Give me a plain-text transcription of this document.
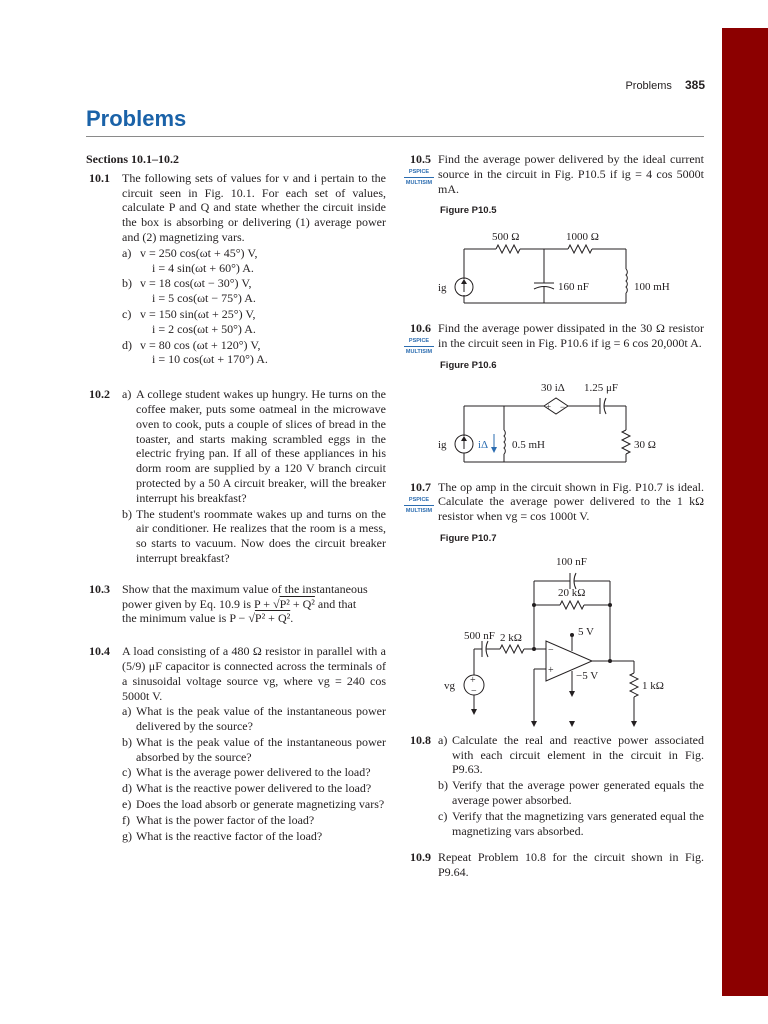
Problems 385
Problems
Sections 10.1–10.2
10.1 The following sets of values for v and i pertain to the circuit seen in Fig. 10.1. For each set of values, calculate P and Q and state whether the circuit inside the box is absorbing or delivering (1) average power and (2) magnetizing vars.
a) v = 250 cos(ωt + 45°) V,
i = 4 sin(ωt + 60°) A.
b) v = 18 cos(ωt − 30°) V,
i = 5 cos(ωt − 75°) A.
c) v = 150 sin(ωt + 25°) V,
i = 2 cos(ωt + 50°) A.
d) v = 80 cos (ωt + 120°) V,
i = 10 cos(ωt + 170°) A.
10.2 a) A college student wakes up hungry. He turns on the coffee maker, puts some oatmeal in the microwave oven to cook, puts a couple of slices of bread in the toaster, and starts making scrambled eggs in the electric frying pan. If all of these appliances in his dorm room are supplied by a 120 V branch circuit protected by a 50 A circuit breaker, will the breaker interrupt his breakfast?
b) The student's roommate wakes up and turns on the air conditioner. He realizes that the room is a mess, so starts to vacuum. Now does the circuit breaker interrupt breakfast?
10.3 Show that the maximum value of the instantaneous
power given by Eq. 10.9 is P + √P² + Q² and that
the minimum value is P − √P² + Q².
10.4 A load consisting of a 480 Ω resistor in parallel with a (5/9) μF capacitor is connected across the terminals of a sinusoidal voltage source vg, where vg = 240 cos 5000t V.
a) What is the peak value of the instantaneous power delivered by the source?
b) What is the peak value of the instantaneous power absorbed by the source?
c) What is the average power delivered to the load?
d) What is the reactive power delivered to the load?
e) Does the load absorb or generate magnetizing vars?
f) What is the power factor of the load?
g) What is the reactive factor of the load?
10.5
PSPICE
MULTISIM
Find the average power delivered by the ideal current source in the circuit in Fig. P10.5 if ig = 4 cos 5000t mA.
Figure P10.5
ig
500 Ω	1000 Ω
160 nF	100 mH
10.6
PSPICE
MULTISIM
Find the average power dissipated in the 30 Ω resistor in the circuit seen in Fig. P10.6 if ig = 6 cos 20,000t A.
Figure P10.6
ig	iΔ
30 iΔ 1.25 μF
+ −
0.5 mH	30 Ω
10.7
PSPICE
MULTISIM
The op amp in the circuit shown in Fig. P10.7 is ideal. Calculate the average power delivered to the 1 kΩ resistor when vg = cos 1000t V.
Figure P10.7
100 nF
20 kΩ
500 nF 2 kΩ	5 V
−5 V
−
+
+
−
vg	1 kΩ
10.8 a) Calculate the real and reactive power associated with each circuit element in the circuit in Fig. P9.63.
b) Verify that the average power generated equals the average power absorbed.
c) Verify that the magnetizing vars generated equal the magnetizing vars absorbed.
10.9 Repeat Problem 10.8 for the circuit shown in Fig. P9.64.
